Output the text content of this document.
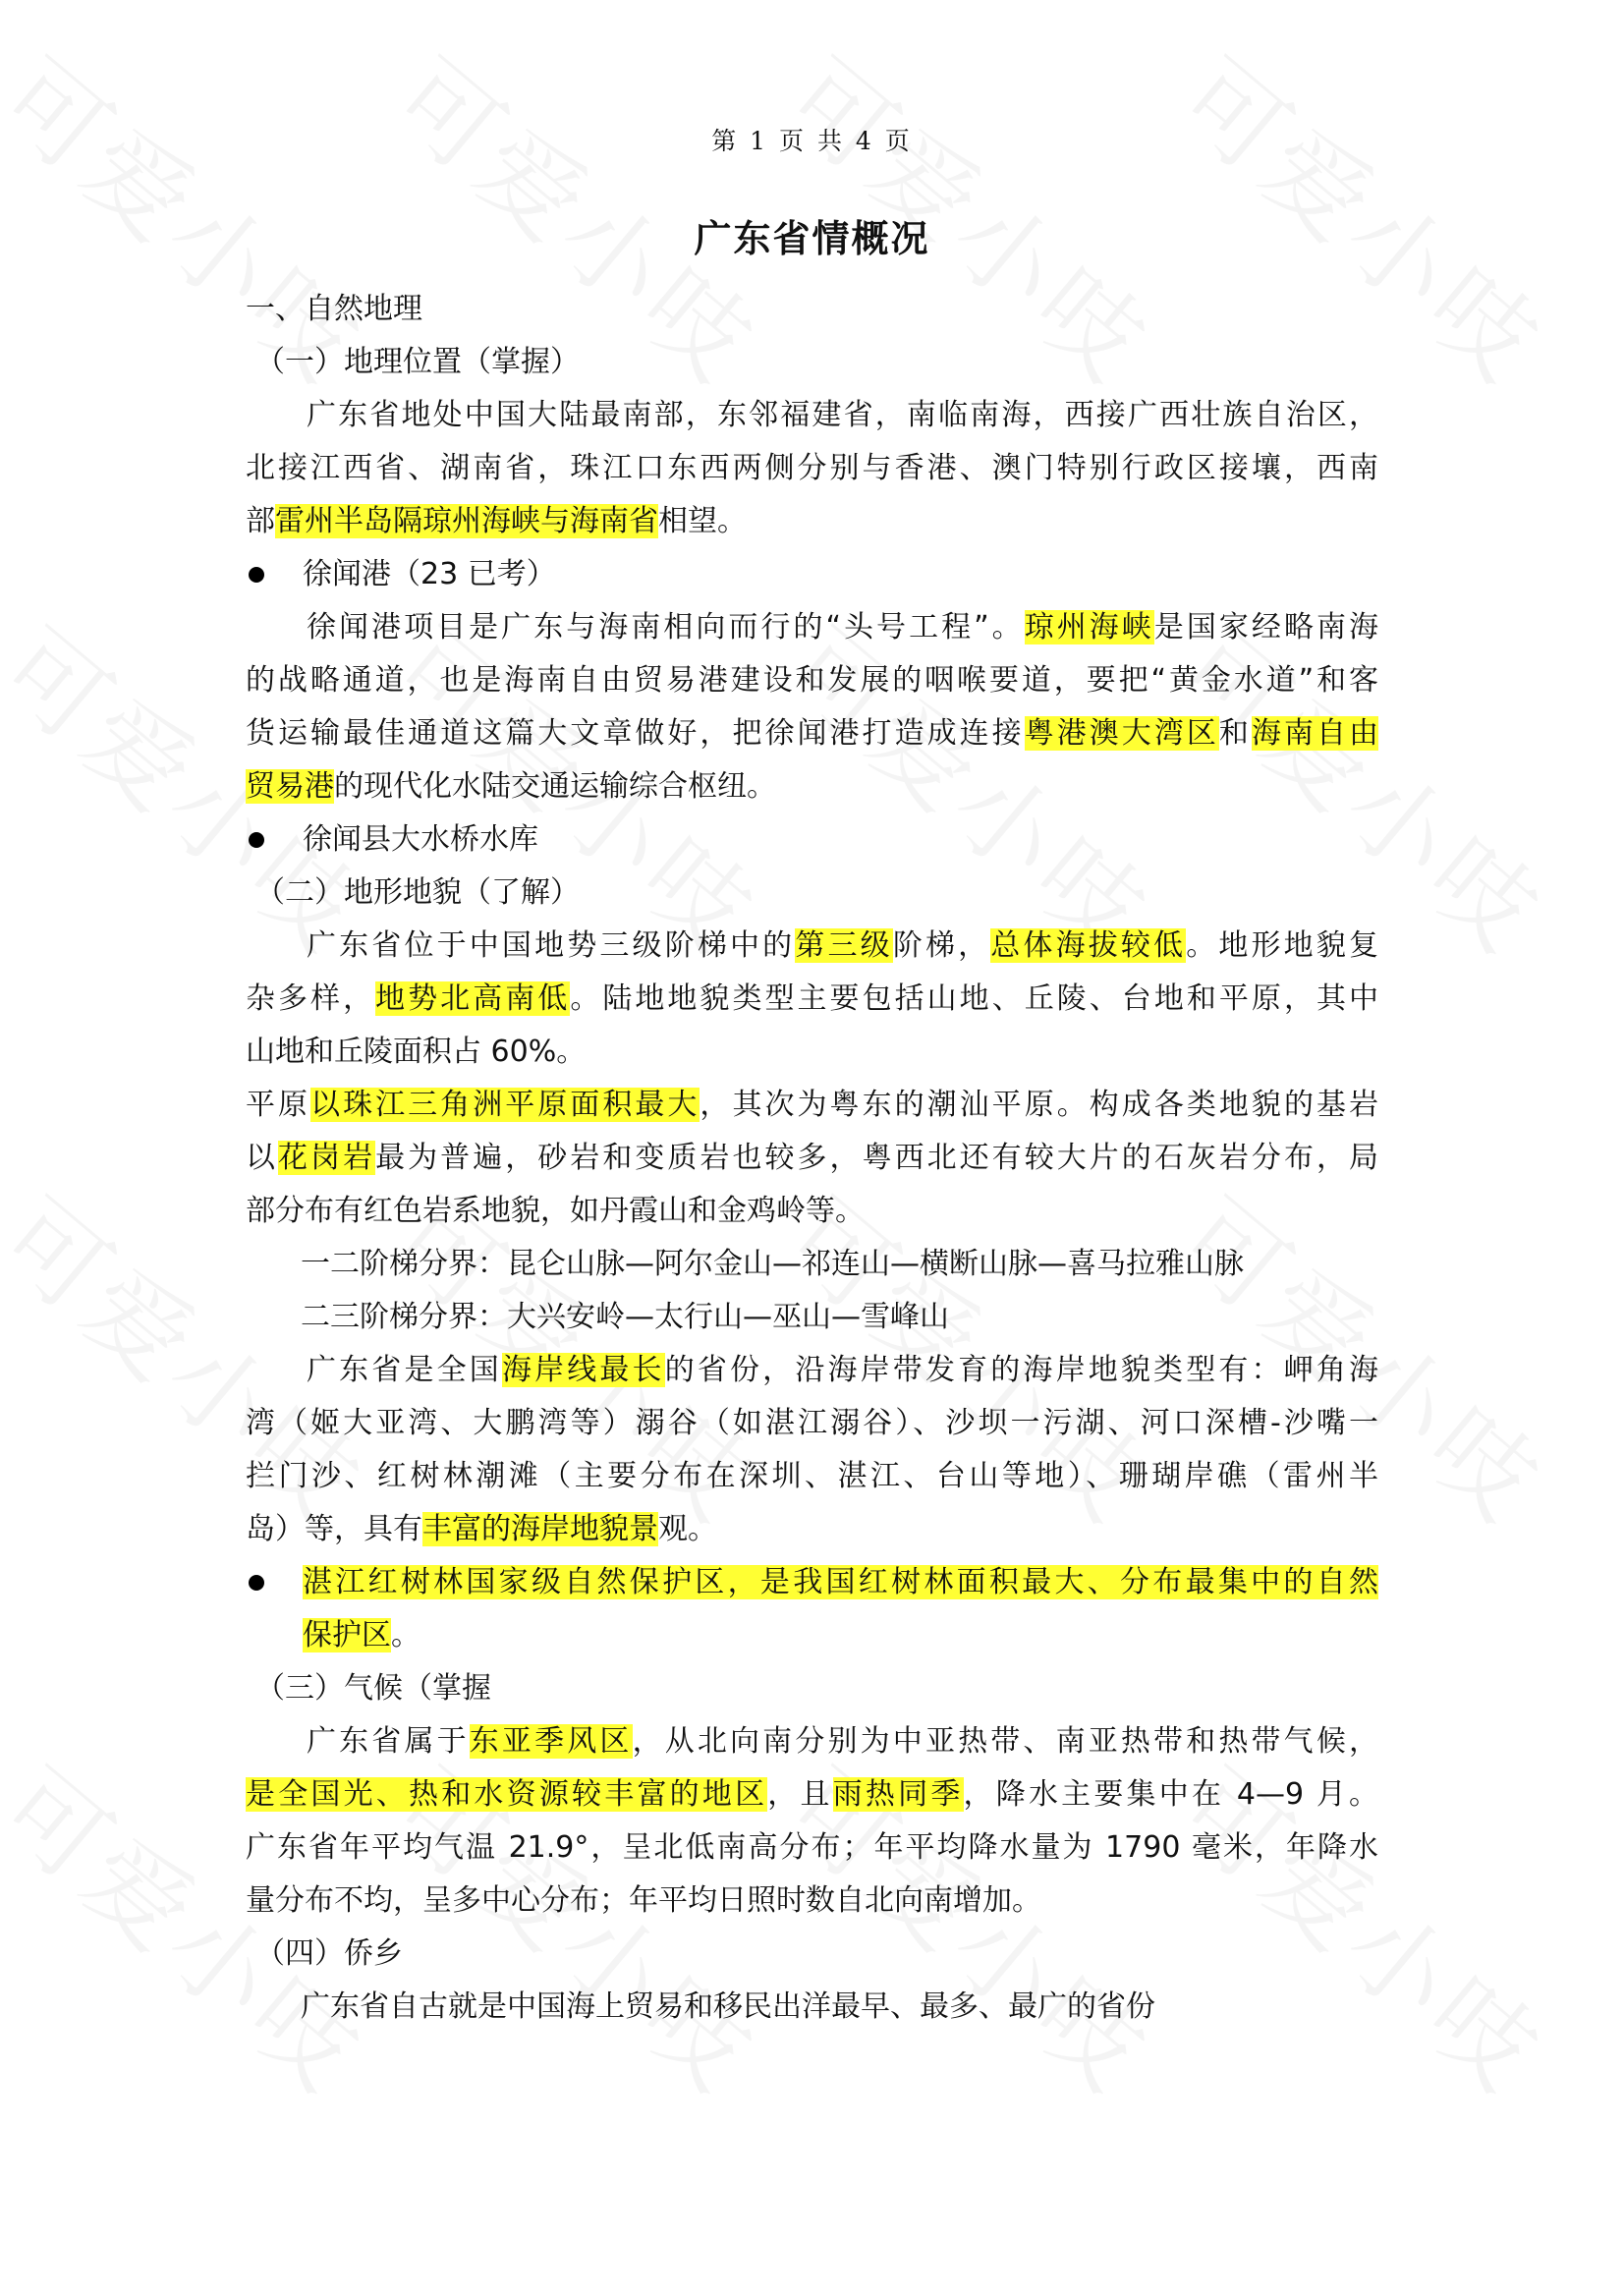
第 1 页 共 4 页
广东省情概况
一、自然地理
（一）地理位置（掌握）
广东省地处中国大陆最南部，东邻福建省，南临南海，西接广西壮族自治区，
北接江西省、湖南省，珠江口东西两侧分别与香港、澳门特别行政区接壤，西南
部雷州半岛隔琼州海峡与海南省相望。
徐闻港（23 已考）
徐闻港项目是广东与海南相向而行的“头号工程”。琼州海峡是国家经略南海
的战略通道，也是海南自由贸易港建设和发展的咽喉要道，要把“黄金水道”和客
货运输最佳通道这篇大文章做好，把徐闻港打造成连接粤港澳大湾区和海南自由
贸易港的现代化水陆交通运输综合枢纽。
徐闻县大水桥水库
（二）地形地貌（了解）
广东省位于中国地势三级阶梯中的第三级阶梯，总体海拔较低。地形地貌复
杂多样，地势北高南低。陆地地貌类型主要包括山地、丘陵、台地和平原，其中
山地和丘陵面积占 60%。
平原以珠江三角洲平原面积最大，其次为粤东的潮汕平原。构成各类地貌的基岩
以花岗岩最为普遍，砂岩和变质岩也较多，粤西北还有较大片的石灰岩分布，局
部分布有红色岩系地貌，如丹霞山和金鸡岭等。
一二阶梯分界：昆仑山脉—阿尔金山—祁连山—横断山脉—喜马拉雅山脉
二三阶梯分界：大兴安岭—太行山—巫山—雪峰山
广东省是全国海岸线最长的省份，沿海岸带发育的海岸地貌类型有：岬角海
湾（姬大亚湾、大鹏湾等）溺谷（如湛江溺谷）、沙坝一污湖、河口深槽-沙嘴一
拦门沙、红树林潮滩（主要分布在深圳、湛江、台山等地）、珊瑚岸礁（雷州半
岛）等，具有丰富的海岸地貌景观。
湛江红树林国家级自然保护区，是我国红树林面积最大、分布最集中的自然
保护区。
（三）气候（掌握
广东省属于东亚季风区，从北向南分别为中亚热带、南亚热带和热带气候，
是全国光、热和水资源较丰富的地区，且雨热同季，降水主要集中在 4—9 月。
广东省年平均气温 21.9°，呈北低南高分布；年平均降水量为 1790 毫米，年降水
量分布不均，呈多中心分布；年平均日照时数自北向南增加。
（四）侨乡
广东省自古就是中国海上贸易和移民出洋最早、最多、最广的省份
